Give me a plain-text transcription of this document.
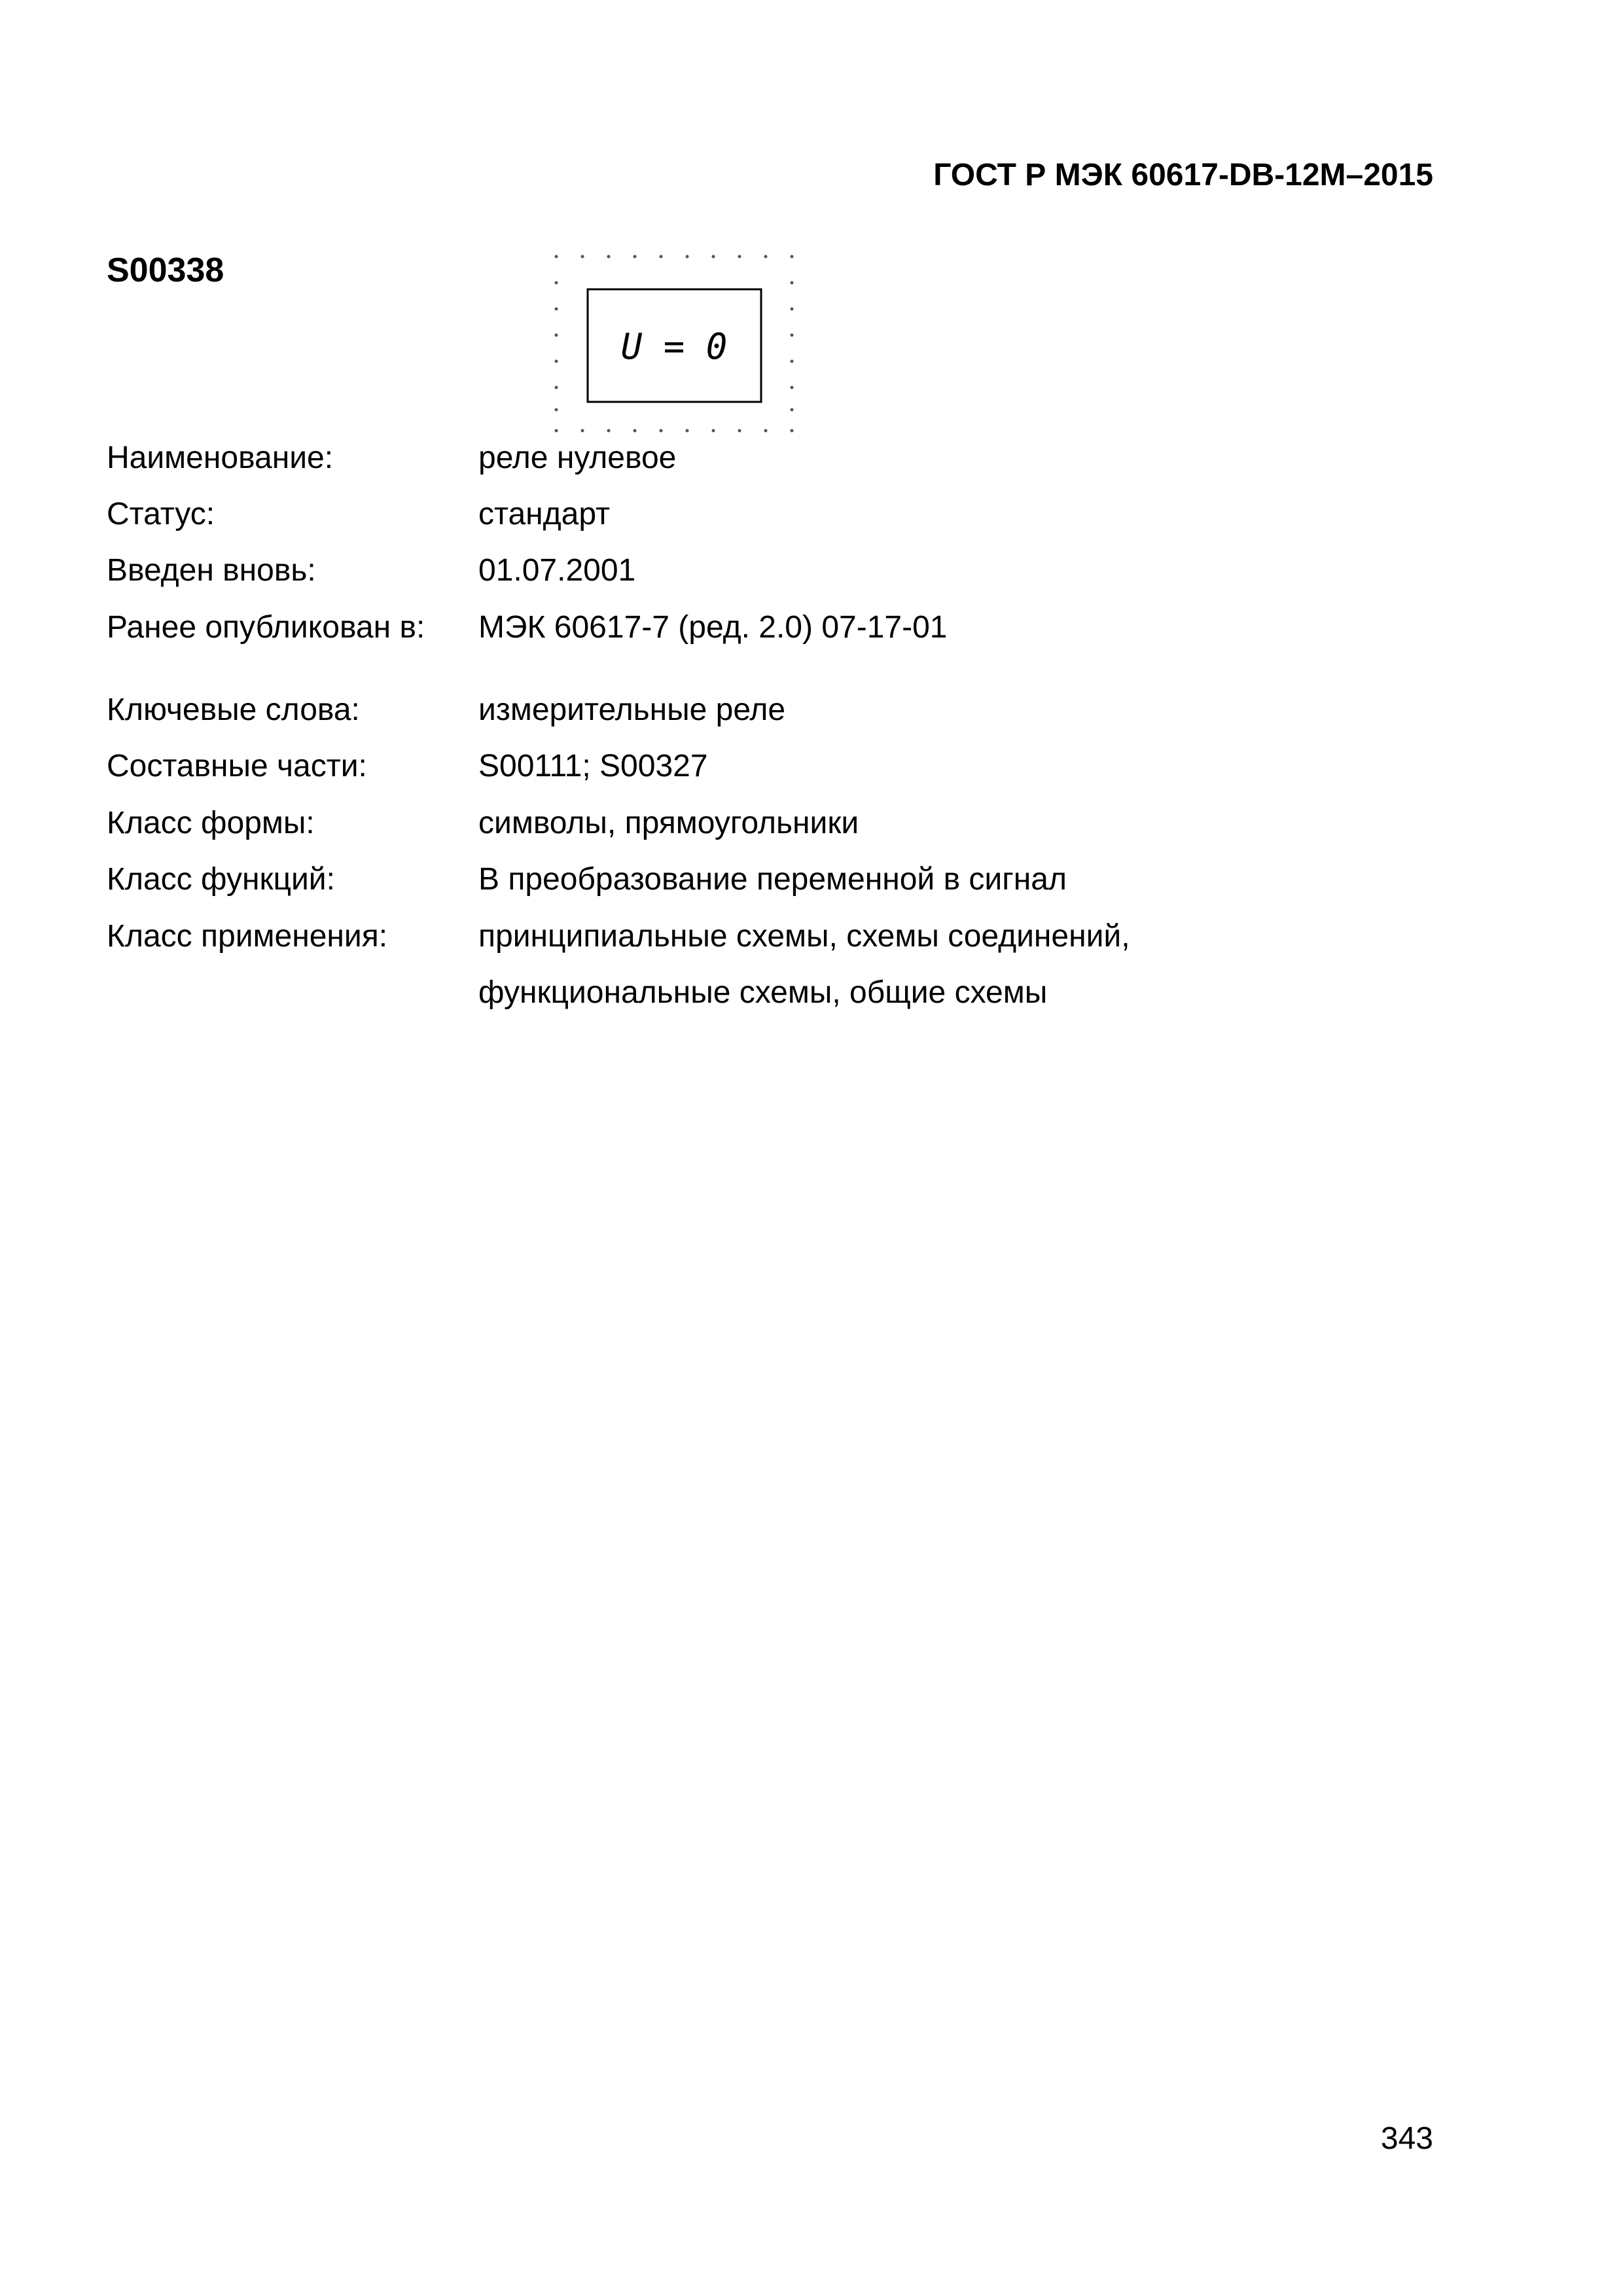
ГОСТ Р МЭК 60617-DB-12М–2015
S00338
U = 0
Наименование:	реле нулевое
Статус:	стандарт
Введен вновь:	01.07.2001
Ранее опубликован в: МЭК 60617-7 (ред. 2.0) 07-17-01
Ключевые слова:	измерительные реле
Составные части:	S00111; S00327
Класс формы:	символы, прямоугольники
Класс функций:	В преобразование переменной в сигнал
Класс применения:	принципиальные схемы, схемы соединений,
функциональные схемы, общие схемы
343
